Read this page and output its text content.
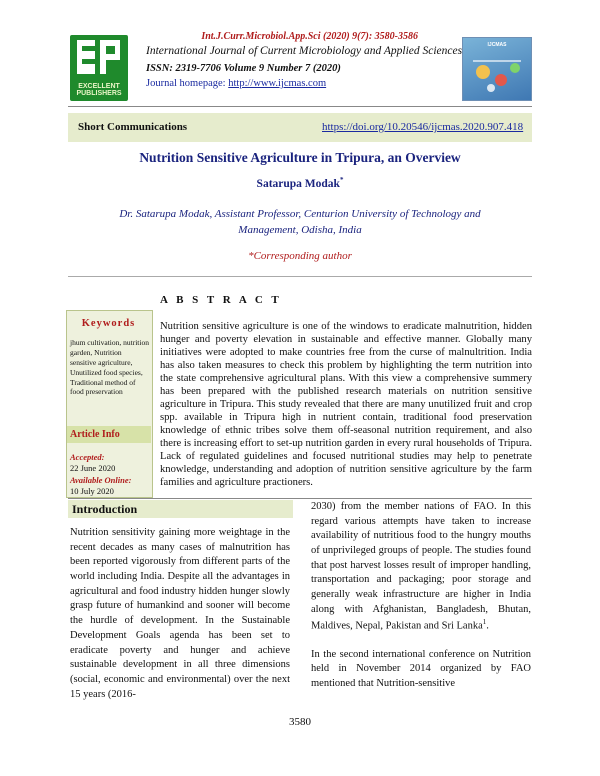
Int.J.Curr.Microbiol.App.Sci (2020) 9(7): 3580-3586
EXCELLENT PUBLISHERS
International Journal of Current Microbiology and Applied Sciences
ISSN: 2319-7706 Volume 9 Number 7 (2020)
Journal homepage: http://www.ijcmas.com
IJCMAS
Short Communications	https://doi.org/10.20546/ijcmas.2020.907.418
Nutrition Sensitive Agriculture in Tripura, an Overview
Satarupa Modak*
Dr. Satarupa Modak, Assistant Professor, Centurion University of Technology and Management, Odisha, India
*Corresponding author
A B S T R A C T
Keywords
jhum cultivation, nutrition garden, Nutrition sensitive agriculture, Unutilized food species, Traditional method of food preservation
Article Info
Accepted:
22 June 2020
Available Online:
10 July 2020
Nutrition sensitive agriculture is one of the windows to eradicate malnutrition, hidden hunger and poverty elevation in sustainable and effective manner. Globally many initiatives were adopted to make countries free from the curse of malnultrition. India has also taken measures to check this problem by highlighting the term nutrition into the state comprehensive agricultural plans. With this view a comprehensive summery has been prepared with the published research materials on nutrition sensitive agriculture in Tripura. This study revealed that there are many unutilized fruit and crop spp. available in Tripura high in nutrient contain, traditional food preservation knowledge of ethnic tribes solve them off-seasonal nutrition requirement, and also there is increasing effort to set-up nutrition garden in every rural households of Tripura. Lack of regulated guidelines and focused nutritional studies may help to penetrate knowledge, understanding and adoption of nutrition sensitive agriculture by the farm families and agriculture practioners.
Introduction
Nutrition sensitivity gaining more weightage in the recent decades as many cases of malnutrition has been reported vigorously from different parts of the world including India. Despite all the advantages in agricultural and food industry hidden hunger slowly grasp future of humankind and sooner will become the hurdle of development. In the Sustainable Development Goals agenda has been set to eradicate poverty and hunger and achieve sustainable development in all three dimensions (social, economic and environmental) over the next 15 years (2016-

2030) from the member nations of FAO. In this regard various attempts have taken to increase availability of nutritious food to the hungry mouths of unprivileged groups of people. The studies found that post harvest losses result of improper handling, transportation and packaging; poor storage and generally weak infrastructure are higher in India along with Afghanistan, Bangladesh, Bhutan, Maldives, Nepal, Pakistan and Sri Lanka$^1$.

In the second international conference on Nutrition held in November 2014 organized by FAO mentioned that Nutrition-sensitive

3580
